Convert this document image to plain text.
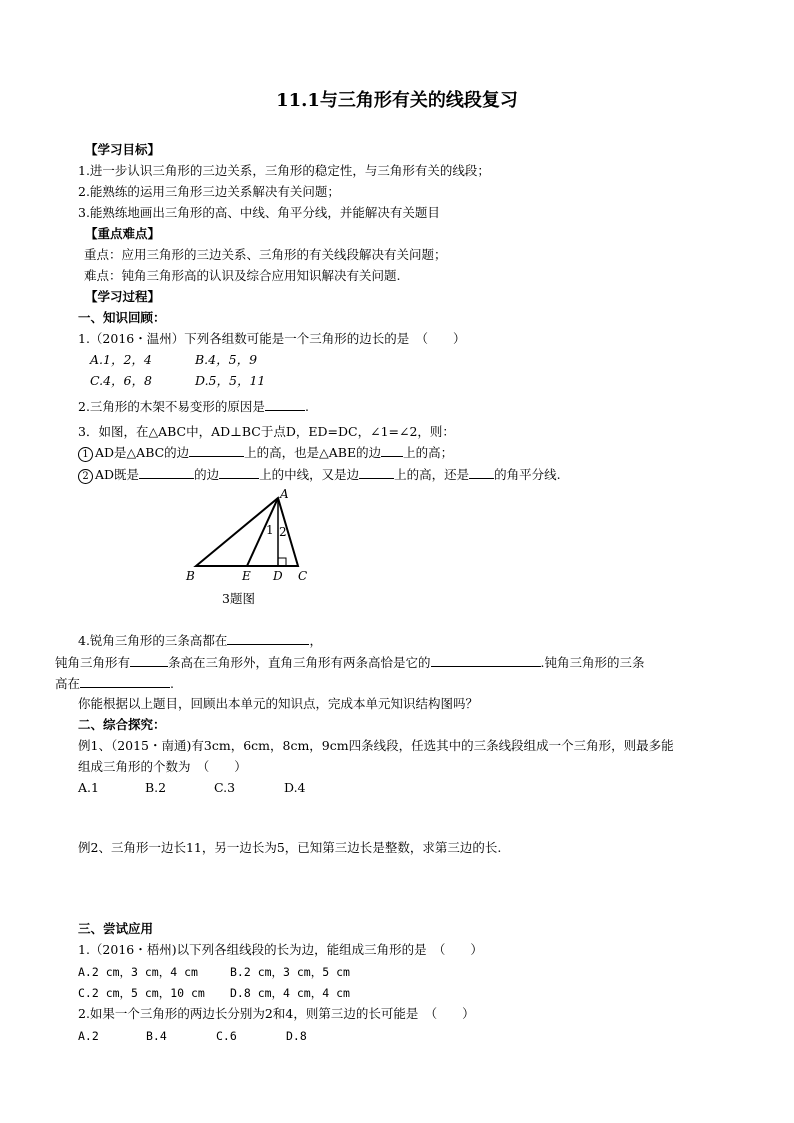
11.1与三角形有关的线段复习
【学习目标】
1.进一步认识三角形的三边关系，三角形的稳定性，与三角形有关的线段；
2.能熟练的运用三角形三边关系解决有关问题；
3.能熟练地画出三角形的高、中线、角平分线，并能解决有关题目
【重点难点】
重点：应用三角形的三边关系、三角形的有关线段解决有关问题；
难点：钝角三角形高的认识及综合应用知识解决有关问题.
【学习过程】
一、知识回顾：
1.（2016・温州）下列各组数可能是一个三角形的边长的是　（　　）
A.1，2，4	B.4，5，9
C.4，6，8	D.5，5，11
2.三角形的木架不易变形的原因是	.
3．如图，在△ABC中，AD⊥BC于点D，ED=DC，∠1=∠2，则：
1 AD是△ABC的边	上的高，也是△ABE的边 上的高；
2 AD既是	的边	上的中线，又是边	上的高，还是 的角平分线.
A
B	E D C
1 2
3题图
4.锐角三角形的三条高都在	，
钝角三角形有	条高在三角形外，直角三角形有两条高恰是它的	.钝角三角形的三条
高在	.
你能根据以上题目，回顾出本单元的知识点，完成本单元知识结构图吗？
二、综合探究：
例1、（2015・南通)有3cm，6cm，8cm，9cm四条线段，任选其中的三条线段组成一个三角形，则最多能
组成三角形的个数为　（　　）
A.1	B.2	C.3	D.4
例2、三角形一边长11，另一边长为5，已知第三边长是整数，求第三边的长.
三、尝试应用
1.（2016・梧州)以下列各组线段的长为边，能组成三角形的是　（　　）
A.2 cm，3 cm，4 cm	B.2 cm，3 cm，5 cm
C.2 cm，5 cm，10 cm D.8 cm，4 cm，4 cm
2.如果一个三角形的两边长分别为2和4，则第三边的长可能是　（　　）
A.2	B.4	C.6	D.8
